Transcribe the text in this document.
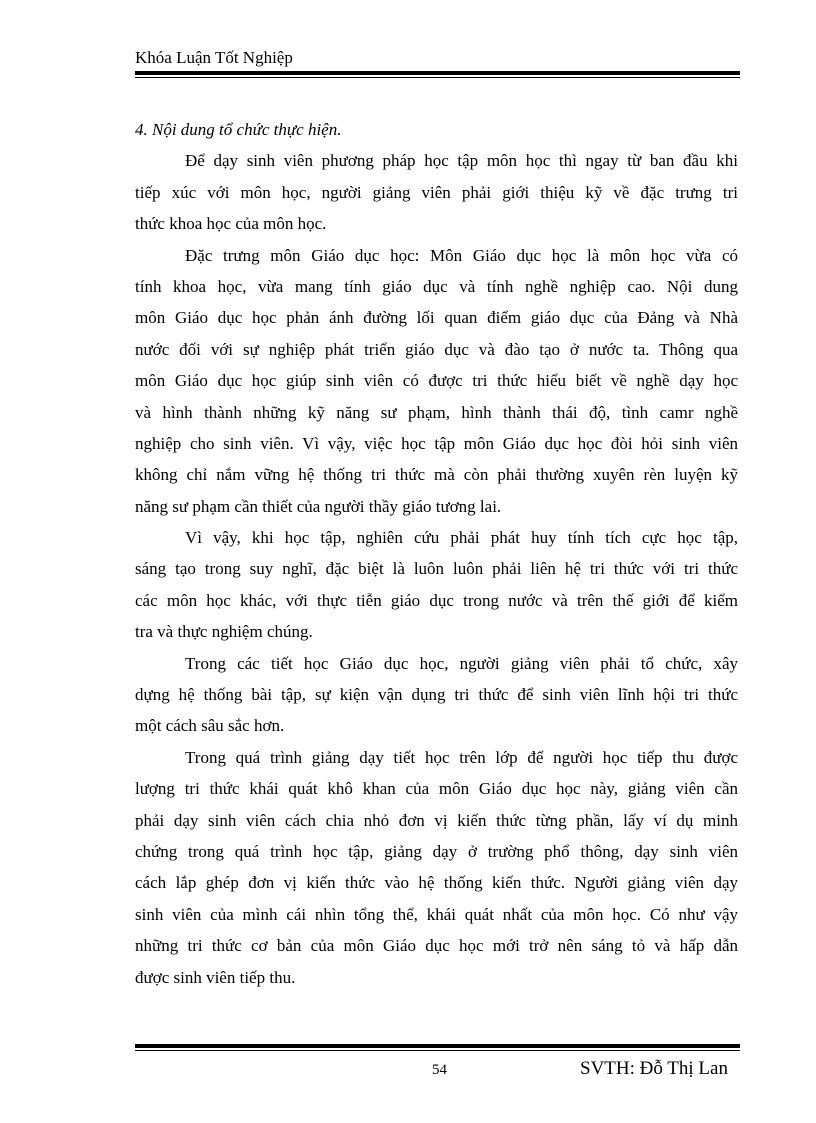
Khóa Luận Tốt Nghiệp
4. Nội dung tổ chức thực hiện.
Để dạy sinh viên phương pháp học tập môn học thì ngay từ ban đầu khi
tiếp xúc với môn học, người giảng viên phải giới thiệu kỹ về đặc trưng tri
thức khoa học của môn học.
Đặc trưng môn Giáo dục học: Môn Giáo dục học là môn học vừa có
tính khoa học, vừa mang tính giáo dục và tính nghề nghiệp cao. Nội dung
môn Giáo dục học phản ánh đường lối quan điểm giáo dục của Đảng và Nhà
nước đối với sự nghiệp phát triển giáo dục và đào tạo ở nước ta. Thông qua
môn Giáo dục học giúp sinh viên có được tri thức hiểu biết về nghề dạy học
và hình thành những kỹ năng sư phạm, hình thành thái độ, tình camr nghề
nghiệp cho sinh viên. Vì vậy, việc học tập môn Giáo dục học đòi hỏi sinh viên
không chỉ nắm vững hệ thống tri thức mà còn phải thường xuyên rèn luyện kỹ
năng sư phạm cần thiết của người thầy giáo tương lai.
Vì vậy, khi học tập, nghiên cứu phải phát huy tính tích cực học tập,
sáng tạo trong suy nghĩ, đặc biệt là luôn luôn phải liên hệ tri thức với tri thức
các môn học khác, với thực tiễn giáo dục trong nước và trên thế giới để kiểm
tra và thực nghiệm chúng.
Trong các tiết học Giáo dục học, người giảng viên phải tổ chức, xây
dựng hệ thống bài tập, sự kiện vận dụng tri thức để sinh viên lĩnh hội tri thức
một cách sâu sắc hơn.
Trong quá trình giảng dạy tiết học trên lớp để người học tiếp thu được
lượng tri thức khái quát khô khan của môn Giáo dục học này, giảng viên cần
phải dạy sinh viên cách chia nhỏ đơn vị kiến thức từng phần, lấy ví dụ minh
chứng trong quá trình học tập, giảng dạy ở trường phổ thông, dạy sinh viên
cách lắp ghép đơn vị kiến thức vào hệ thống kiến thức. Người giảng viên dạy
sinh viên của mình cái nhìn tổng thể, khái quát nhất của môn học. Có như vậy
những tri thức cơ bản của môn Giáo dục học mới trở nên sáng tỏ và hấp dẫn
được sinh viên tiếp thu.
54	SVTH: Đỗ Thị Lan
